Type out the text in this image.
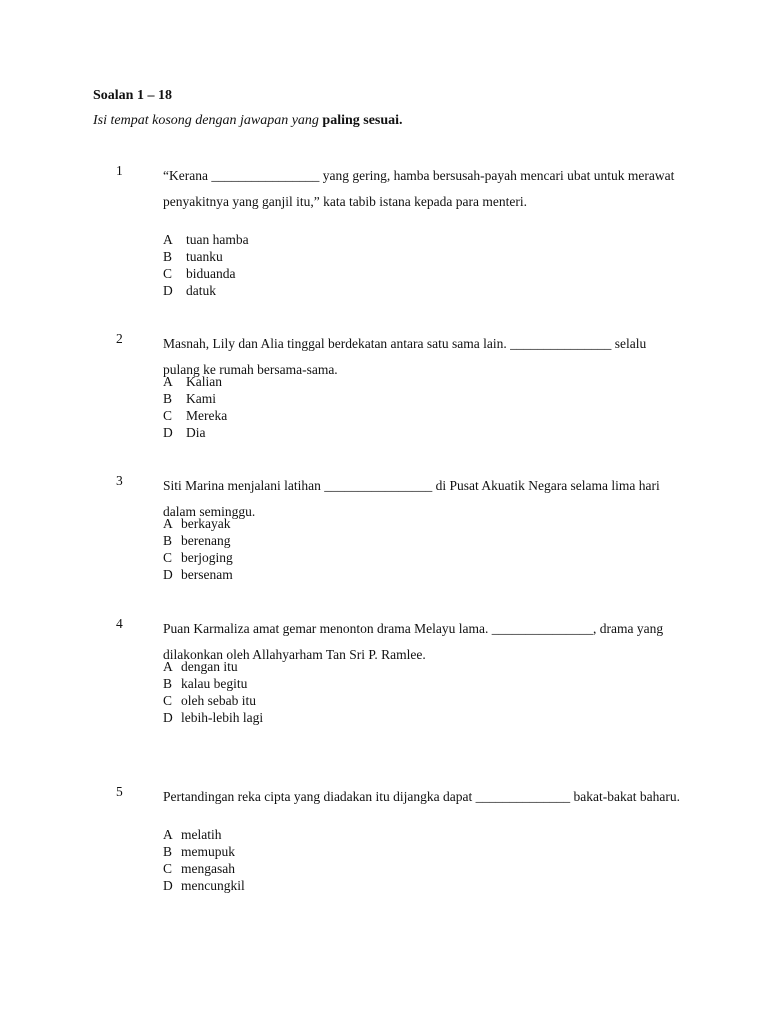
Soalan 1 – 18
Isi tempat kosong dengan jawapan yang paling sesuai.
1	“Kerana ________________ yang gering, hamba bersusah-payah mencari ubat untuk merawat penyakitnya yang ganjil itu,” kata tabib istana kepada para menteri.
A tuan hamba
B tuanku
C biduanda
D datuk
2	Masnah, Lily dan Alia tinggal berdekatan antara satu sama lain. _______________ selalu pulang ke rumah bersama-sama.
A Kalian
B Kami
C Mereka
D Dia
3	Siti Marina menjalani latihan ________________ di Pusat Akuatik Negara selama lima hari dalam seminggu.
A berkayak
B berenang
C berjoging
D bersenam
4	Puan Karmaliza amat gemar menonton drama Melayu lama. _______________, drama yang dilakonkan oleh Allahyarham Tan Sri P. Ramlee.
A dengan itu
B kalau begitu
C oleh sebab itu
D lebih-lebih lagi
5	Pertandingan reka cipta yang diadakan itu dijangka dapat ______________ bakat-bakat baharu.
A melatih
B memupuk
C mengasah
D mencungkil
